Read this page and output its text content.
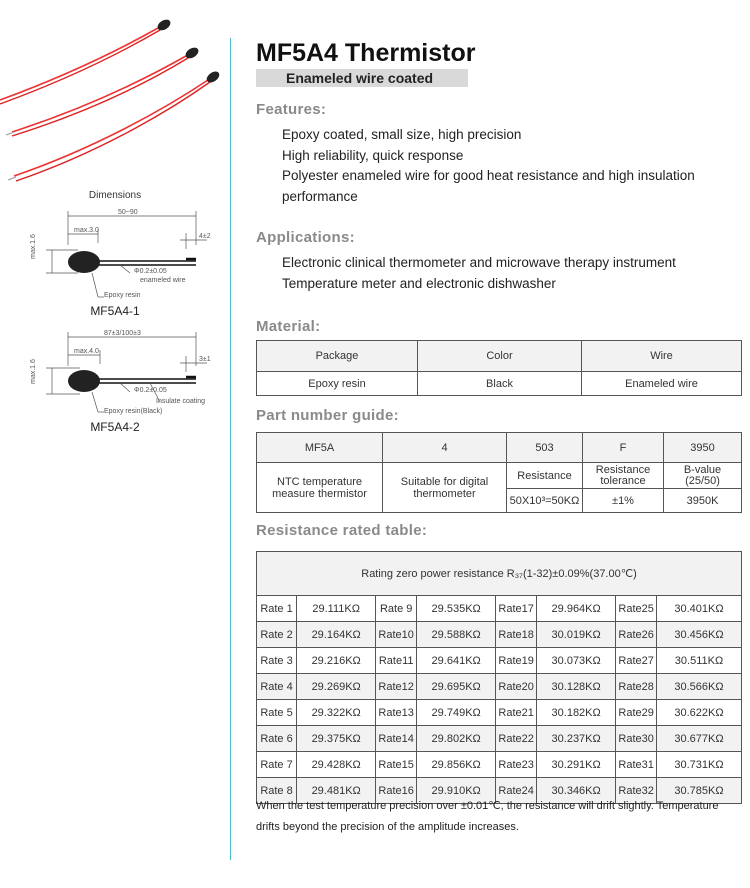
Dimensions
50~90
max.3.0
4±2
max.1.6
Φ0.2±0.05
enameled wire
Epoxy resin
MF5A4-1
87±3/100±3
max.4.0
3±1
max.1.6
Φ0.2±0.05
Insulate coating
Epoxy resin(Black)
MF5A4-2
MF5A4 Thermistor
Enameled wire coated
Features:
Epoxy coated, small size, high precision
High reliability, quick response
Polyester enameled wire for good heat resistance and high insulation
performance
Applications:
Electronic clinical thermometer and microwave therapy instrument
Temperature meter and electronic dishwasher
Material:
Package	Color	Wire
Epoxy resin	Black	Enameled wire
Part number guide:
MF5A	4	503	F	3950
NTC temperature measure thermistor	Suitable for digital thermometer	Resistance	Resistance tolerance	B-value (25/50)
		50X10³=50KΩ	±1%	3950K
Resistance rated table:
Rating zero power resistance R₃₇(1-32)±0.09%(37.00℃)							
Rate 1	29.111KΩ	Rate 9	29.535KΩ	Rate17	29.964KΩ	Rate25	30.401KΩ
Rate 2	29.164KΩ	Rate10	29.588KΩ	Rate18	30.019KΩ	Rate26	30.456KΩ
Rate 3	29.216KΩ	Rate11	29.641KΩ	Rate19	30.073KΩ	Rate27	30.511KΩ
Rate 4	29.269KΩ	Rate12	29.695KΩ	Rate20	30.128KΩ	Rate28	30.566KΩ
Rate 5	29.322KΩ	Rate13	29.749KΩ	Rate21	30.182KΩ	Rate29	30.622KΩ
Rate 6	29.375KΩ	Rate14	29.802KΩ	Rate22	30.237KΩ	Rate30	30.677KΩ
Rate 7	29.428KΩ	Rate15	29.856KΩ	Rate23	30.291KΩ	Rate31	30.731KΩ
Rate 8	29.481KΩ	Rate16	29.910KΩ	Rate24	30.346KΩ	Rate32	30.785KΩ
When the test temperature precision over ±0.01℃, the resistance will drift slightly. Temperature drifts beyond the precision of the amplitude increases.
